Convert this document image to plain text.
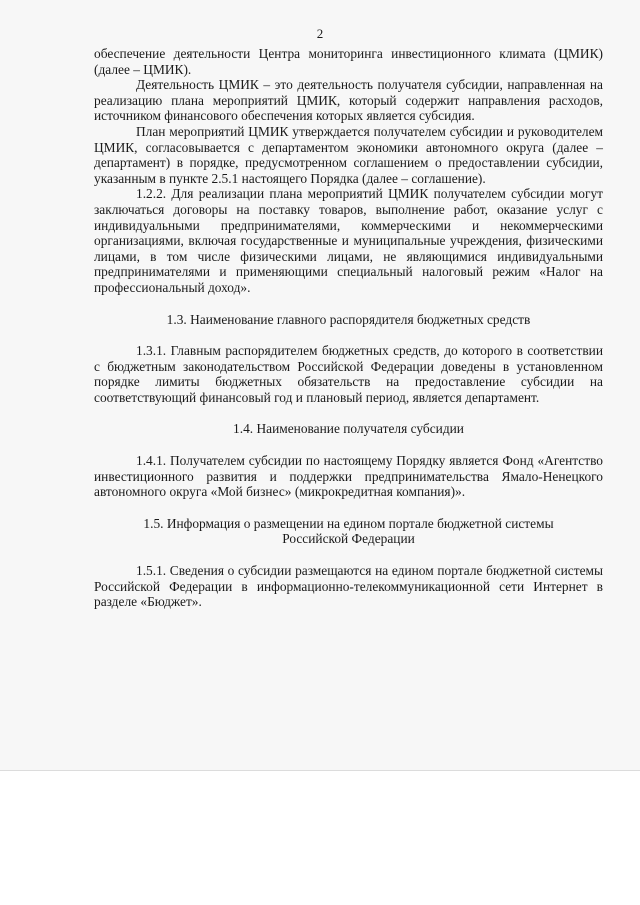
2

обеспечение деятельности Центра мониторинга инвестиционного климата (ЦМИК) (далее – ЦМИК).

Деятельность ЦМИК – это деятельность получателя субсидии, направленная на реализацию плана мероприятий ЦМИК, который содержит направления расходов, источником финансового обеспечения которых является субсидия.

План мероприятий ЦМИК утверждается получателем субсидии и руководителем ЦМИК, согласовывается с департаментом экономики автономного округа (далее – департамент) в порядке, предусмотренном соглашением о предоставлении субсидии, указанным в пункте 2.5.1 настоящего Порядка (далее – соглашение).

1.2.2. Для реализации плана мероприятий ЦМИК получателем субсидии могут заключаться договоры на поставку товаров, выполнение работ, оказание услуг с индивидуальными предпринимателями, коммерческими и некоммерческими организациями, включая государственные и муниципальные учреждения, физическими лицами, в том числе физическими лицами, не являющимися индивидуальными предпринимателями и применяющими специальный налоговый режим «Налог на профессиональный доход».

1.3. Наименование главного распорядителя бюджетных средств

1.3.1. Главным распорядителем бюджетных средств, до которого в соответствии с бюджетным законодательством Российской Федерации доведены в установленном порядке лимиты бюджетных обязательств на предоставление субсидии на соответствующий финансовый год и плановый период, является департамент.

1.4. Наименование получателя субсидии

1.4.1. Получателем субсидии по настоящему Порядку является Фонд «Агентство инвестиционного развития и поддержки предпринимательства Ямало-Ненецкого автономного округа «Мой бизнес» (микрокредитная компания)».

1.5. Информация о размещении на едином портале бюджетной системы
Российской Федерации

1.5.1. Сведения о субсидии размещаются на едином портале бюджетной системы Российской Федерации в информационно-телекоммуникационной сети Интернет в разделе «Бюджет».
